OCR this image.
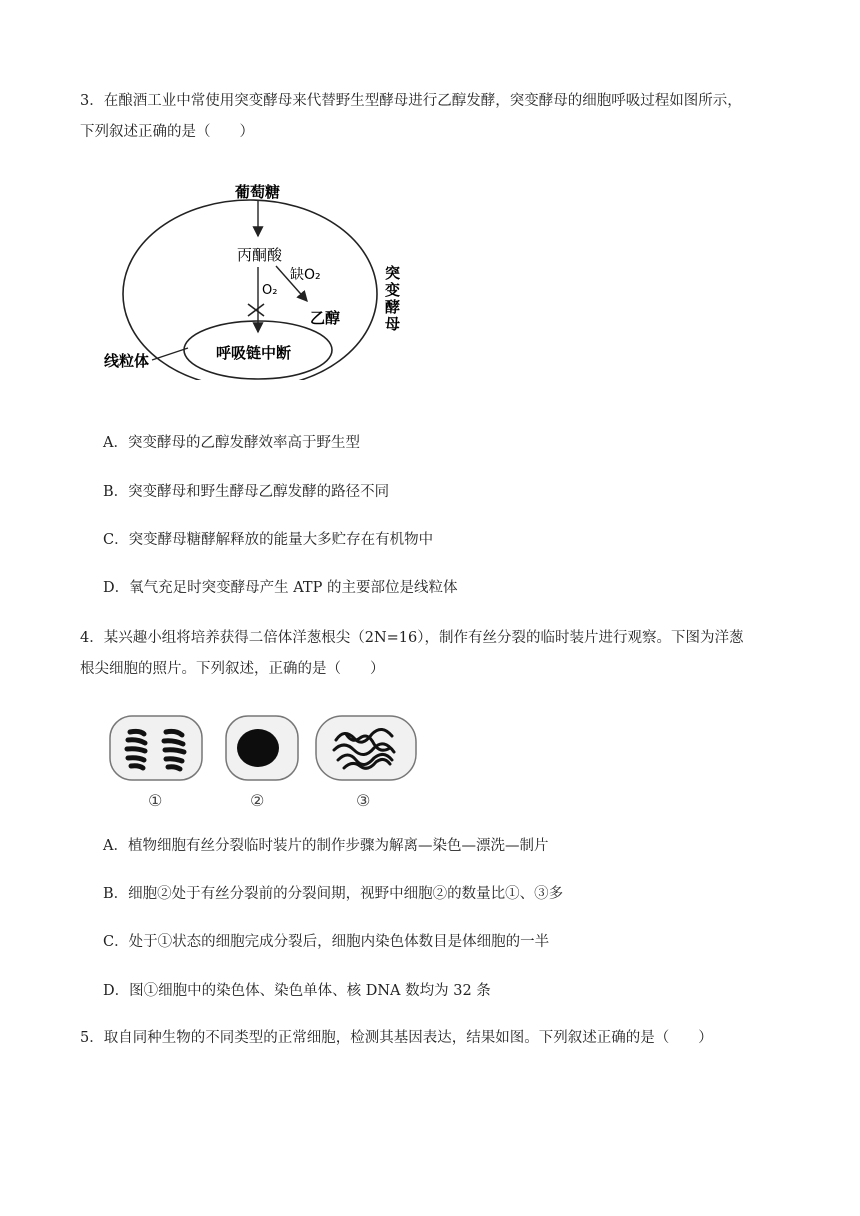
3．在酿酒工业中常使用突变酵母来代替野生型酵母进行乙醇发酵，突变酵母的细胞呼吸过程如图所示，
下列叙述正确的是（　　）
葡萄糖
丙酮酸
缺O₂
O₂
乙醇
呼吸链中断
线粒体
突
变
酵
母
A．突变酵母的乙醇发酵效率高于野生型
B．突变酵母和野生酵母乙醇发酵的路径不同
C．突变酵母糖酵解释放的能量大多贮存在有机物中
D．氧气充足时突变酵母产生 ATP 的主要部位是线粒体
4．某兴趣小组将培养获得二倍体洋葱根尖（2N=16），制作有丝分裂的临时装片进行观察。下图为洋葱
根尖细胞的照片。下列叙述，正确的是（　　）
①	②	③
A．植物细胞有丝分裂临时装片的制作步骤为解离—染色—漂洗—制片
B．细胞②处于有丝分裂前的分裂间期，视野中细胞②的数量比①、③多
C．处于①状态的细胞完成分裂后，细胞内染色体数目是体细胞的一半
D．图①细胞中的染色体、染色单体、核 DNA 数均为 32 条
5．取自同种生物的不同类型的正常细胞，检测其基因表达，结果如图。下列叙述正确的是（　　）
